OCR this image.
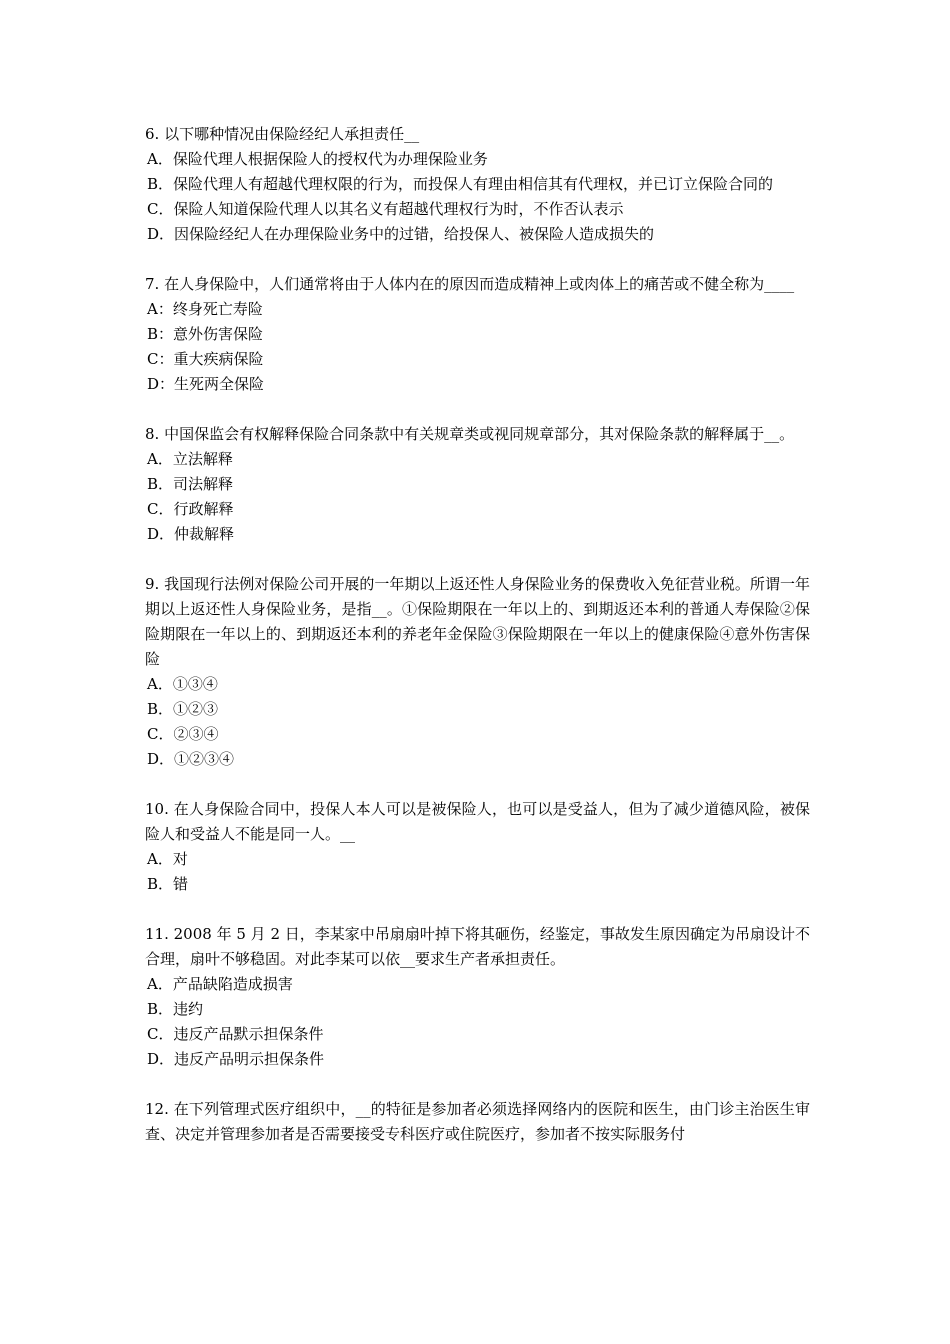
6. 以下哪种情况由保险经纪人承担责任__

A．保险代理人根据保险人的授权代为办理保险业务

B．保险代理人有超越代理权限的行为，而投保人有理由相信其有代理权，并已订立保险合同的

C．保险人知道保险代理人以其名义有超越代理权行为时，不作否认表示

D．因保险经纪人在办理保险业务中的过错，给投保人、被保险人造成损失的

7. 在人身保险中，人们通常将由于人体内在的原因而造成精神上或肉体上的痛苦或不健全称为____

A：终身死亡寿险

B：意外伤害保险

C：重大疾病保险

D：生死两全保险

8. 中国保监会有权解释保险合同条款中有关规章类或视同规章部分，其对保险条款的解释属于__。

A．立法解释

B．司法解释

C．行政解释

D．仲裁解释

9. 我国现行法例对保险公司开展的一年期以上返还性人身保险业务的保费收入免征营业税。所谓一年期以上返还性人身保险业务，是指__。①保险期限在一年以上的、到期返还本利的普通人寿保险②保险期限在一年以上的、到期返还本利的养老年金保险③保险期限在一年以上的健康保险④意外伤害保险

A．①③④

B．①②③

C．②③④

D．①②③④

10. 在人身保险合同中，投保人本人可以是被保险人，也可以是受益人，但为了减少道德风险，被保险人和受益人不能是同一人。__

A．对

B．错

11. 2008 年 5 月 2 日，李某家中吊扇扇叶掉下将其砸伤，经鉴定，事故发生原因确定为吊扇设计不合理，扇叶不够稳固。对此李某可以依__要求生产者承担责任。

A．产品缺陷造成损害

B．违约

C．违反产品默示担保条件

D．违反产品明示担保条件

12. 在下列管理式医疗组织中，__的特征是参加者必须选择网络内的医院和医生，由门诊主治医生审查、决定并管理参加者是否需要接受专科医疗或住院医疗，参加者不按实际服务付
